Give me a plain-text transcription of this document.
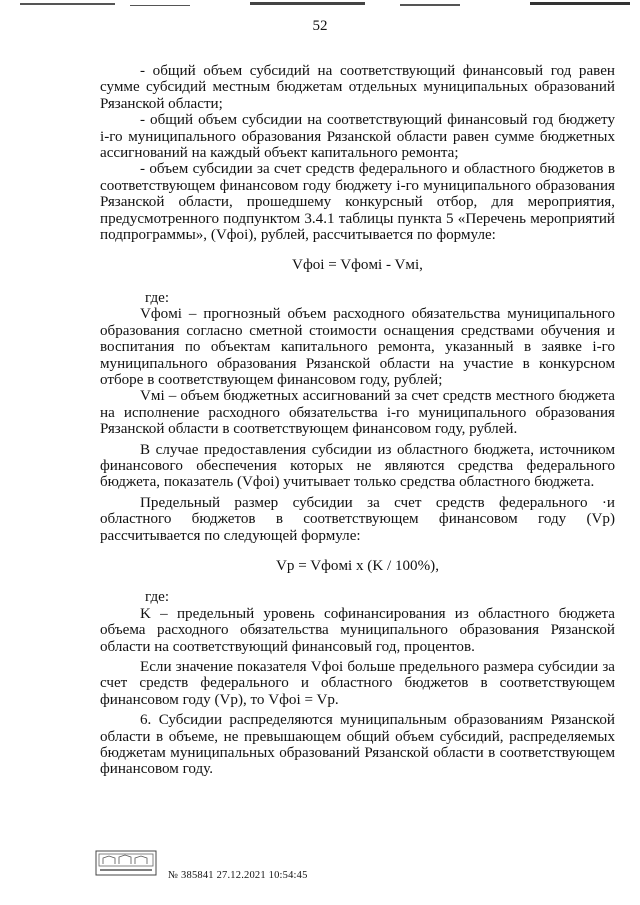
52

- общий объем субсидий на соответствующий финансовый год равен сумме субсидий местным бюджетам отдельных муниципальных образований Рязанской области;

- общий объем субсидии на соответствующий финансовый год бюджету i-го муниципального образования Рязанской области равен сумме бюджетных ассигнований на каждый объект капитального ремонта;

- объем субсидии за счет средств федерального и областного бюджетов в соответствующем финансовом году бюджету i-го муниципального образования Рязанской области, прошедшему конкурсный отбор, для мероприятия, предусмотренного подпунктом 3.4.1 таблицы пункта 5 «Перечень мероприятий подпрограммы», (Vфoi), рублей, рассчитывается по формуле:

Vфoi = Vфoмi - Vмi,

где:

Vфoмi – прогнозный объем расходного обязательства муниципального образования согласно сметной стоимости оснащения средствами обучения и воспитания по объектам капитального ремонта, указанный в заявке i-го муниципального образования Рязанской области на участие в конкурсном отборе в соответствующем финансовом году, рублей;

Vмi – объем бюджетных ассигнований за счет средств местного бюджета на исполнение расходного обязательства i-го муниципального образования Рязанской области в соответствующем финансовом году, рублей.

В случае предоставления субсидии из областного бюджета, источником финансового обеспечения которых не являются средства федерального бюджета, показатель (Vфoi) учитывает только средства областного бюджета.

Предельный размер субсидии за счет средств федерального ·и областного бюджетов в соответствующем финансовом году (Vp) рассчитывается по следующей формуле:

Vp = Vфoмi x (K / 100%),

где:

K – предельный уровень софинансирования из областного бюджета объема расходного обязательства муниципального образования Рязанской области на соответствующий финансовый год, процентов.

Если значение показателя Vфoi больше предельного размера субсидии за счет средств федерального и областного бюджетов в соответствующем финансовом году (Vp), то Vфoi = Vp.

6. Субсидии распределяются муниципальным образованиям Рязанской области в объеме, не превышающем общий объем субсидий, распределяемых бюджетам муниципальных образований Рязанской области в соответствующем финансовом году.

№ 385841 27.12.2021 10:54:45
